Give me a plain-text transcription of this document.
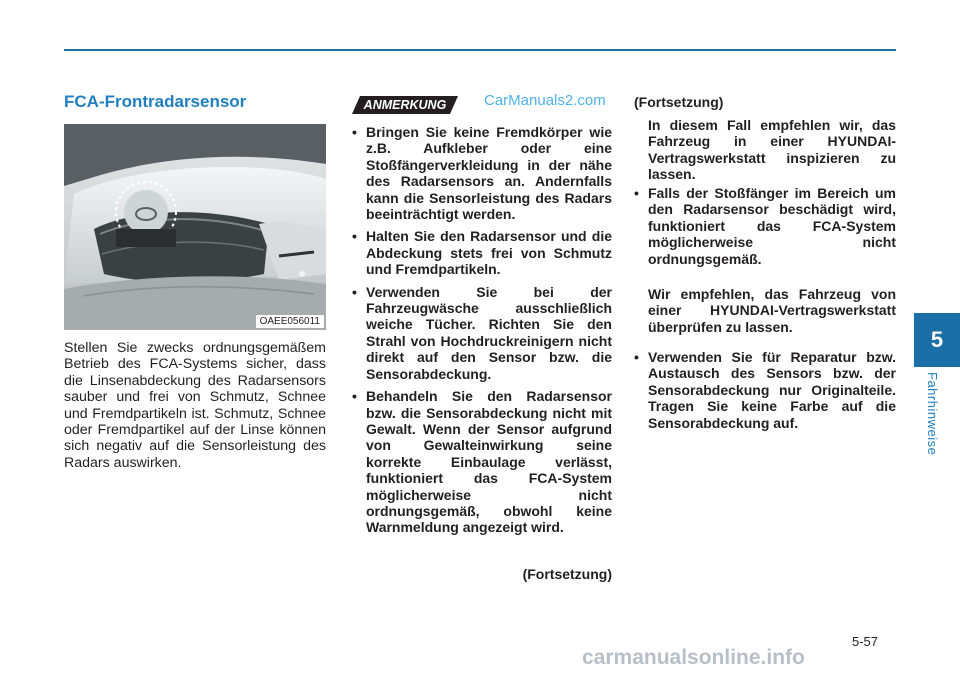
FCA-Frontradarsensor
OAEE056011

Stellen Sie zwecks ordnungsgemäßem Betrieb des FCA-Systems sicher, dass die Linsenabdeckung des Radarsensors sauber und frei von Schmutz, Schnee und Fremdpartikeln ist. Schmutz, Schnee oder Fremdpartikel auf der Linse können sich negativ auf die Sensorleistung des Radars auswirken.

ANMERKUNG	CarManuals2.com
• Bringen Sie keine Fremdkörper wie z.B. Aufkleber oder eine Stoßfängerverkleidung in der nähe des Radarsensors an. Andernfalls kann die Sensorleistung des Radars beeinträchtigt werden.
• Halten Sie den Radarsensor und die Abdeckung stets frei von Schmutz und Fremdpartikeln.
• Verwenden Sie bei der Fahrzeugwäsche ausschließlich weiche Tücher. Richten Sie den Strahl von Hochdruckreinigern nicht direkt auf den Sensor bzw. die Sensorabdeckung.
• Behandeln Sie den Radarsensor bzw. die Sensorabdeckung nicht mit Gewalt. Wenn der Sensor aufgrund von Gewalteinwirkung seine korrekte Einbaulage verlässt, funktioniert das FCA-System möglicherweise nicht ordnungsgemäß, obwohl keine Warnmeldung angezeigt wird.
(Fortsetzung)
(Fortsetzung)

In diesem Fall empfehlen wir, das Fahrzeug in einer HYUNDAI-Vertragswerkstatt inspizieren zu lassen.

• Falls der Stoßfänger im Bereich um den Radarsensor beschädigt wird, funktioniert das FCA-System möglicherweise nicht ordnungsgemäß.

Wir empfehlen, das Fahrzeug von einer HYUNDAI-Vertragswerkstatt überprüfen zu lassen.

• Verwenden Sie für Reparatur bzw. Austausch des Sensors bzw. der Sensorabdeckung nur Originalteile. Tragen Sie keine Farbe auf die Sensorabdeckung auf.
5
Fahrhinweise
5-57
carmanualsonline.info
